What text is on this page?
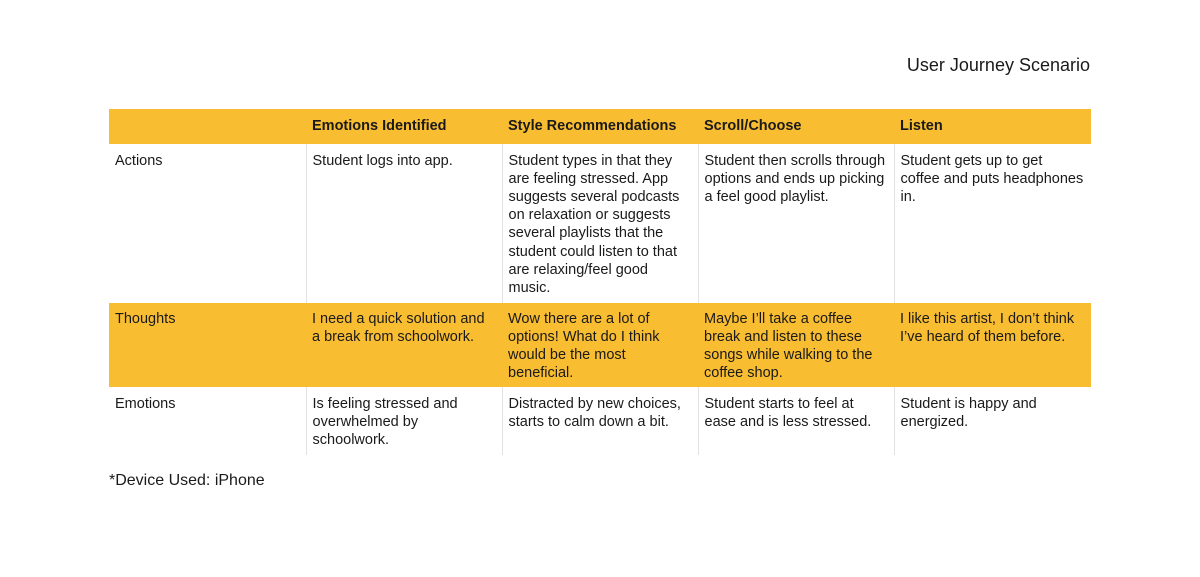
User Journey Scenario
	Emotions Identified	Style Recommendations	Scroll/Choose	Listen
Actions	Student logs into app.	Student types in that they are feeling stressed. App suggests several podcasts on relaxation or suggests several playlists that the student could listen to that are relaxing/feel good music.	Student then scrolls through options and ends up picking a feel good playlist.	Student gets up to get coffee and puts headphones in.
Thoughts	I need a quick solution and a break from schoolwork.	Wow there are a lot of options! What do I think would be the most beneficial.	Maybe I’ll take a coffee break and listen to these songs while walking to the coffee shop.	I like this artist, I don’t think I’ve heard of them before.
Emotions	Is feeling stressed and overwhelmed by schoolwork.	Distracted by new choices, starts to calm down a bit.	Student starts to feel at ease and is less stressed.	Student is happy and energized.
*Device Used: iPhone
